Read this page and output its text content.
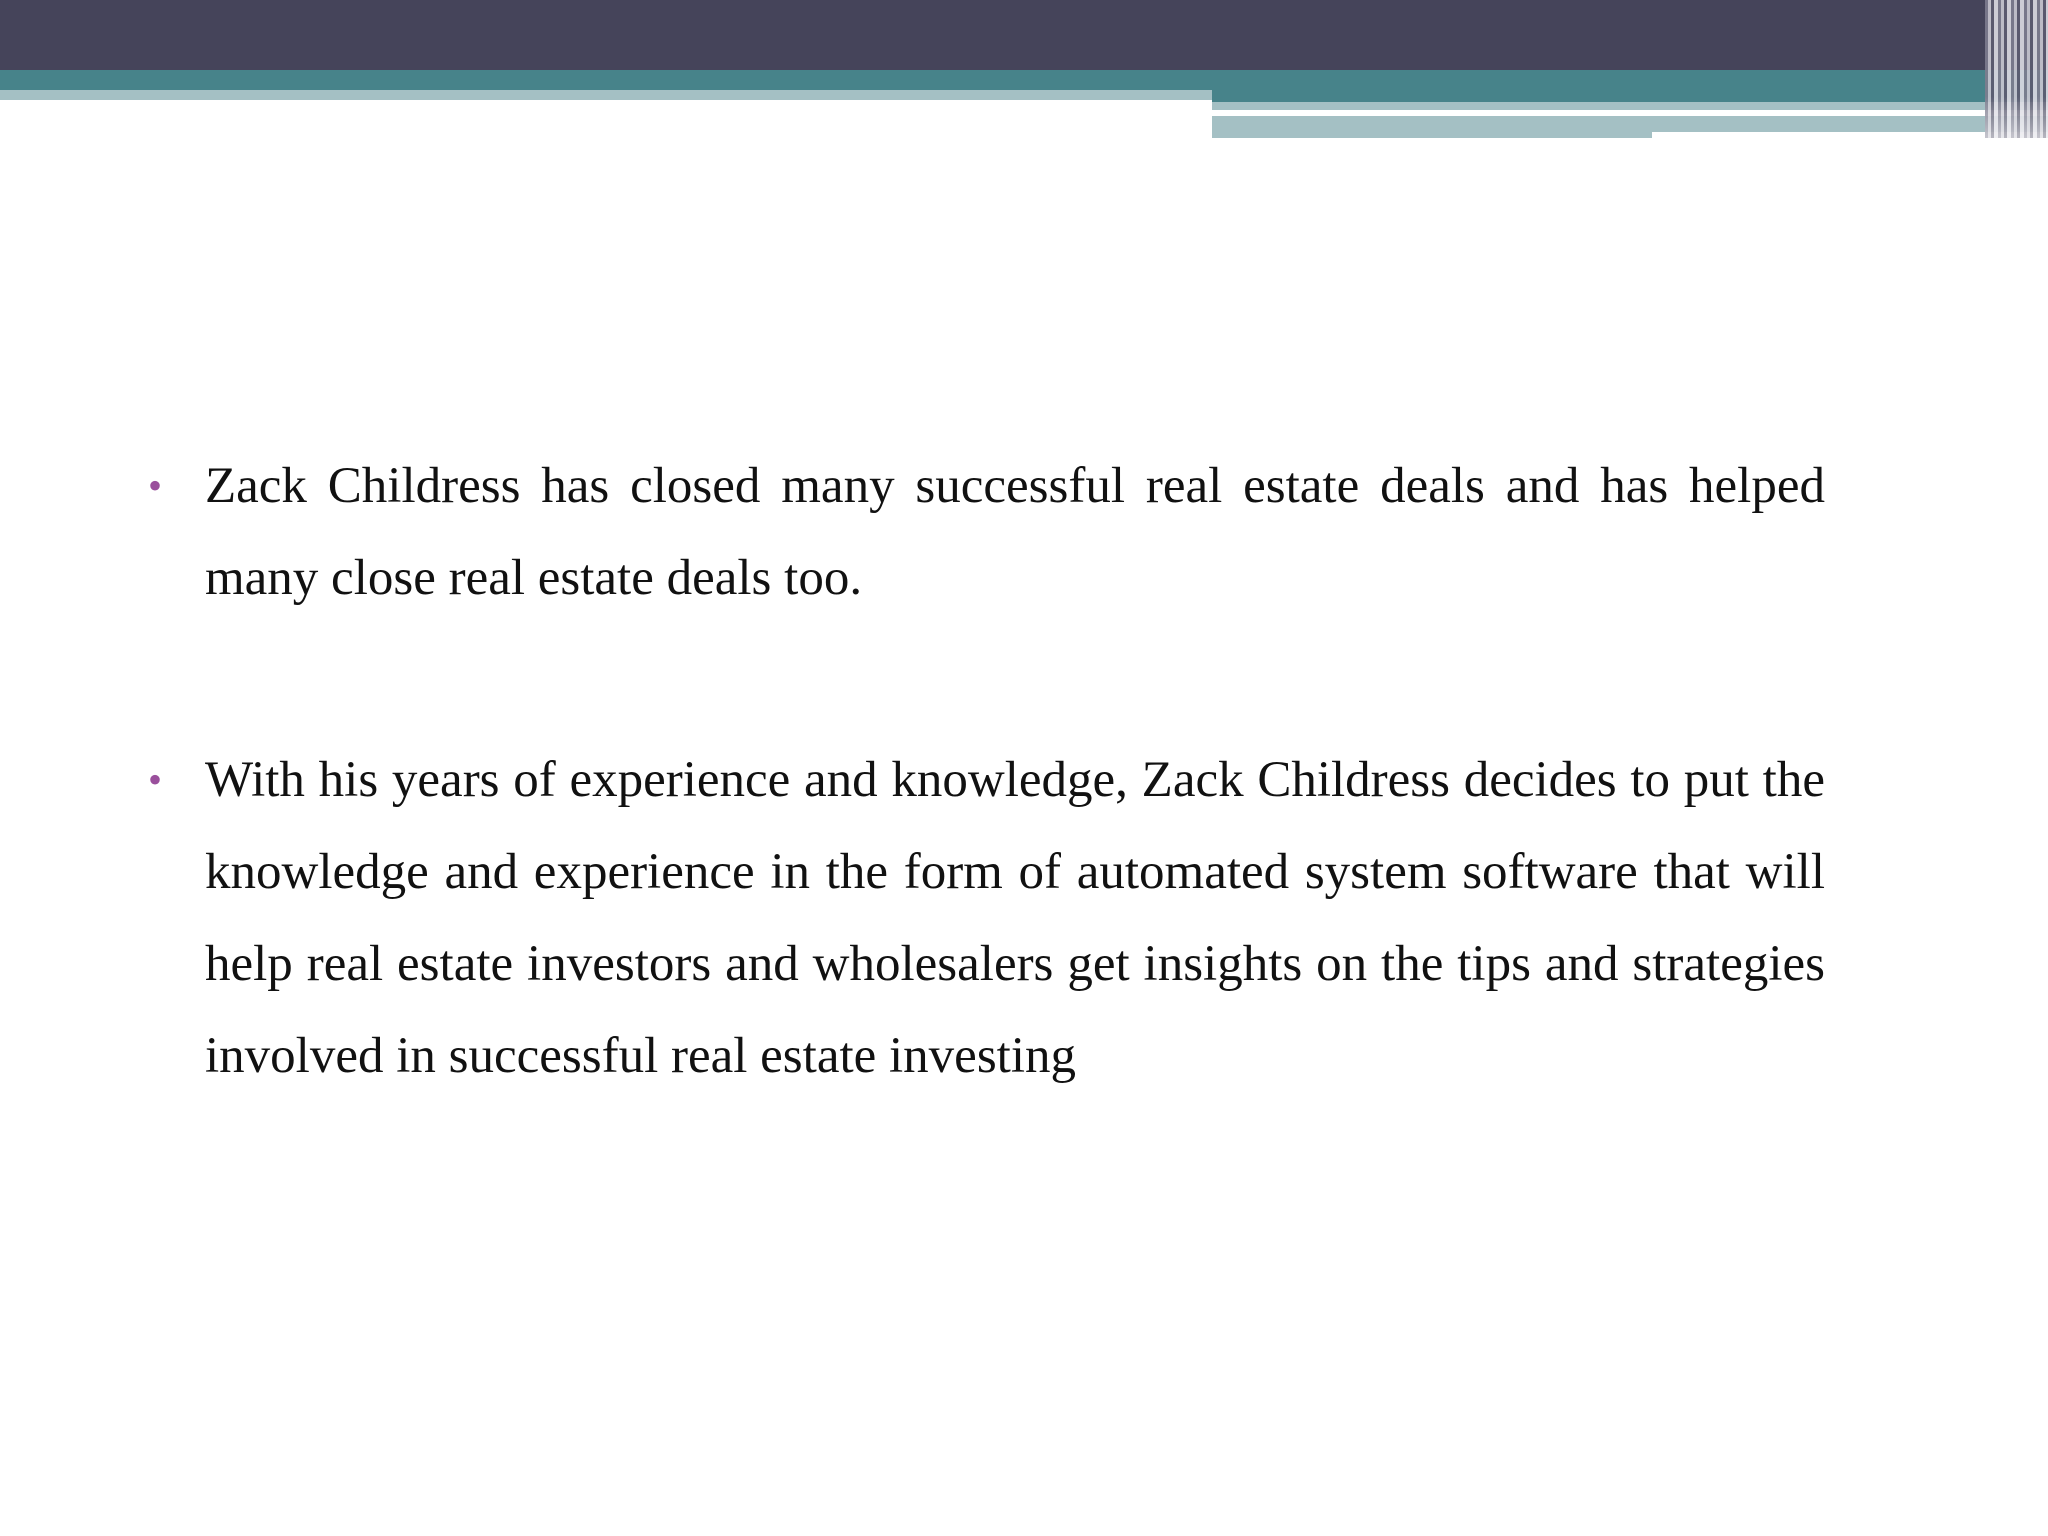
• Zack Childress has closed many successful real estate deals and has helped many close real estate deals too.
• With his years of experience and knowledge, Zack Childress decides to put the knowledge and experience in the form of automated system software that will help real estate investors and wholesalers get insights on the tips and strategies involved in successful real estate investing
